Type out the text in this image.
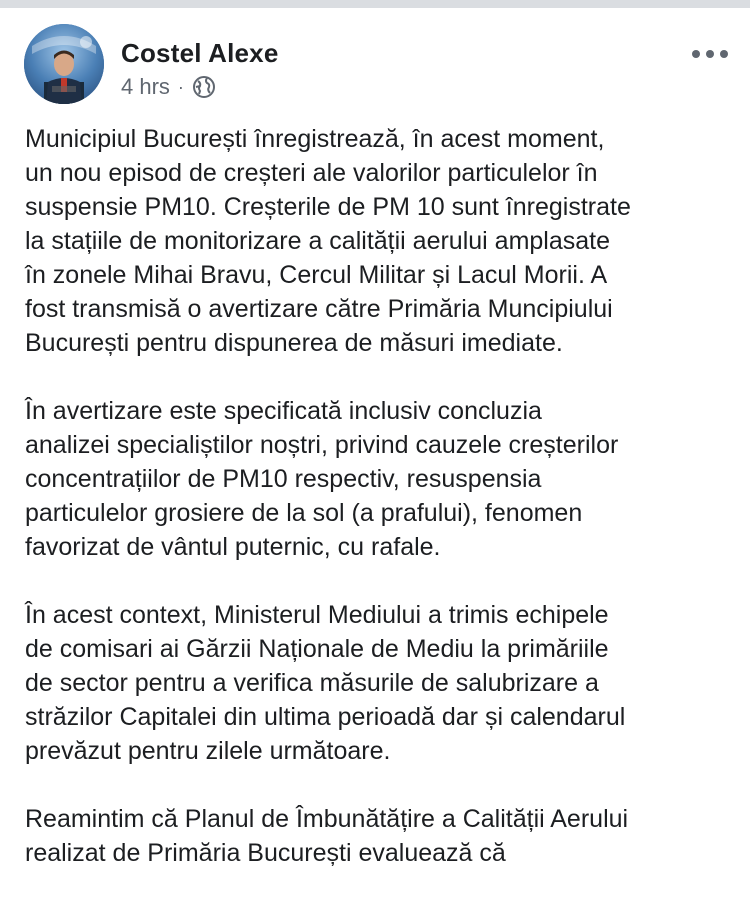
Costel Alexe
4 hrs ·

Municipiul București înregistrează, în acest moment,
un nou episod de creșteri ale valorilor particulelor în
suspensie PM10. Creșterile de PM 10 sunt înregistrate
la stațiile de monitorizare a calității aerului amplasate
în zonele Mihai Bravu, Cercul Militar și Lacul Morii. A
fost transmisă o avertizare către Primăria Muncipiului
București pentru dispunerea de măsuri imediate.

În avertizare este specificată inclusiv concluzia
analizei specialiștilor noștri, privind cauzele creșterilor
concentrațiilor de PM10 respectiv, resuspensia
particulelor grosiere de la sol (a prafului), fenomen
favorizat de vântul puternic, cu rafale.

În acest context, Ministerul Mediului a trimis echipele
de comisari ai Gărzii Naționale de Mediu la primăriile
de sector pentru a verifica măsurile de salubrizare a
străzilor Capitalei din ultima perioadă dar și calendarul
prevăzut pentru zilele următoare.

Reamintim că Planul de Îmbunătățire a Calității Aerului
realizat de Primăria București evaluează că
